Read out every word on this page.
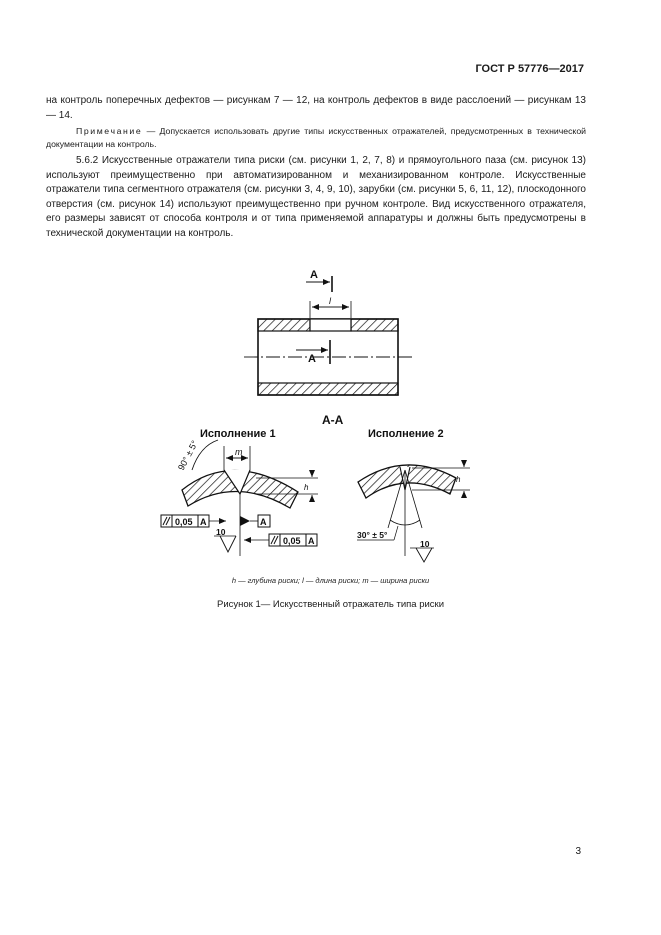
ГОСТ Р 57776—2017

на контроль поперечных дефектов — рисункам 7 — 12, на контроль дефектов в виде расслоений — рисункам 13 — 14.

Примечание — Допускается использовать другие типы искусственных отражателей, предусмотренных в технической документации на контроль.

5.6.2 Искусственные отражатели типа риски (см. рисунки 1, 2, 7, 8) и прямоугольного паза (см. рисунок 13) используют преимущественно при автоматизированном и механизированном контроле. Искусственные отражатели типа сегментного отражателя (см. рисунки 3, 4, 9, 10), зарубки (см. рисунки 5, 6, 11, 12), плоскодонного отверстия (см. рисунок 14) используют преимущественно при ручном контроле. Вид искусственного отражателя, его размеры зависят от способа контроля и от типа применяемой аппаратуры и должны быть предусмотрены в технической документации на контроль.

А
l
А
А-А
Исполнение 1
m
90° ± 5°
h
А
0,05 А
10
0,05 А
Исполнение 2
h
30° ± 5°
10
h — глубина риски; l — длина риски; m — ширина риски
Рисунок 1— Искусственный отражатель типа риски
3
